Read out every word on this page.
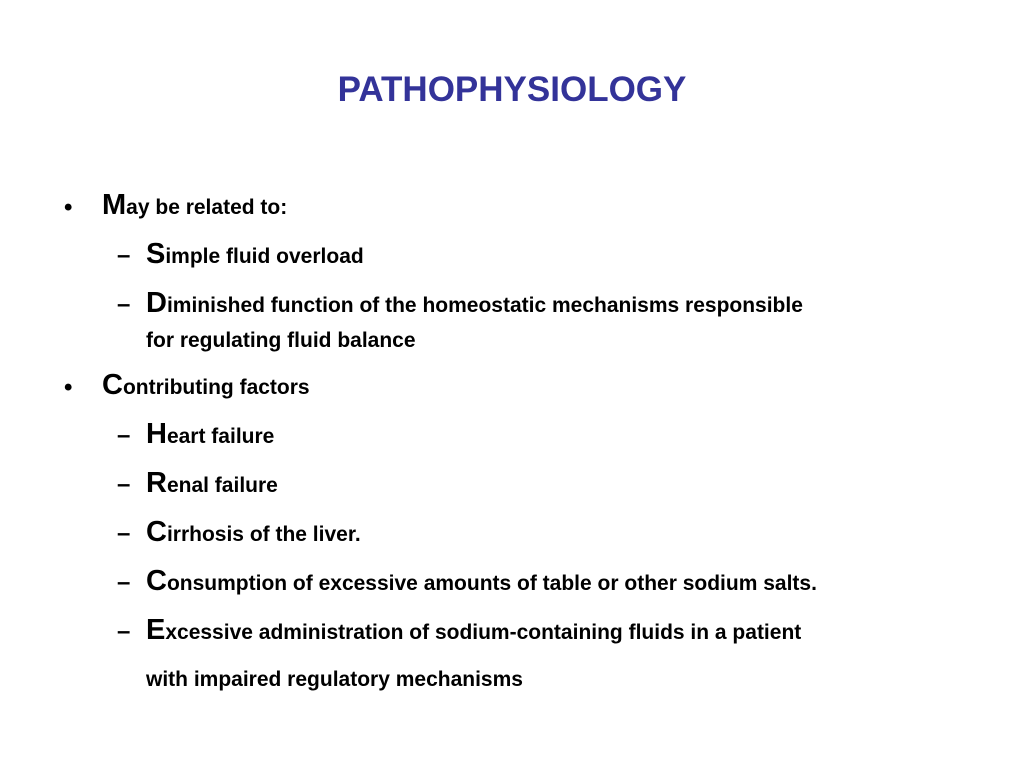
PATHOPHYSIOLOGY
• May be related to:
– Simple fluid overload
– Diminished function of the homeostatic mechanisms responsible
for regulating fluid balance
• Contributing factors
– Heart failure
– Renal failure
– Cirrhosis of the liver.
– Consumption of excessive amounts of table or other sodium salts.
– Excessive administration of sodium-containing fluids in a patient
with impaired regulatory mechanisms
